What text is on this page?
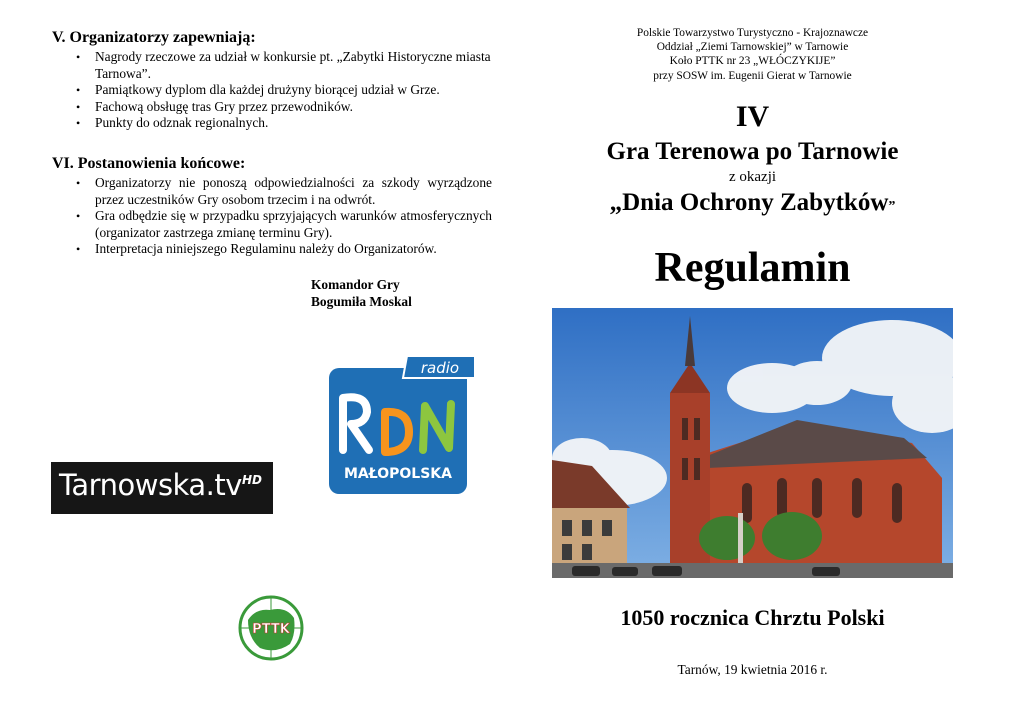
V. Organizatorzy zapewniają:

• Nagrody rzeczowe za udział w konkursie pt. „Zabytki Historyczne miasta Tarnowa”.
• Pamiątkowy dyplom dla każdej drużyny biorącej udział w Grze.
• Fachową obsługę tras Gry przez przewodników.
• Punkty do odznak regionalnych.

VI. Postanowienia końcowe:

• Organizatorzy nie ponoszą odpowiedzialności za szkody wyrządzone przez uczestników Gry osobom trzecim i na odwrót.
• Gra odbędzie się w przypadku sprzyjających warunków atmosferycznych (organizator zastrzega zmianę terminu Gry).
• Interpretacja niniejszego Regulaminu należy do Organizatorów.
Komandor Gry
Bogumiła Moskal
Tarnowska.tv HD
radio
MAŁOPOLSKA
PTTK
Polskie Towarzystwo Turystyczno - Krajoznawcze
Oddział „Ziemi Tarnowskiej” w Tarnowie
Koło PTTK nr 23 „WŁÓCZYKIJE”
przy SOSW im. Eugenii Gierat w Tarnowie
IV
Gra Terenowa po Tarnowie
z okazji
„Dnia Ochrony Zabytków”
Regulamin
1050 rocznica Chrztu Polski
Tarnów, 19 kwietnia 2016 r.
